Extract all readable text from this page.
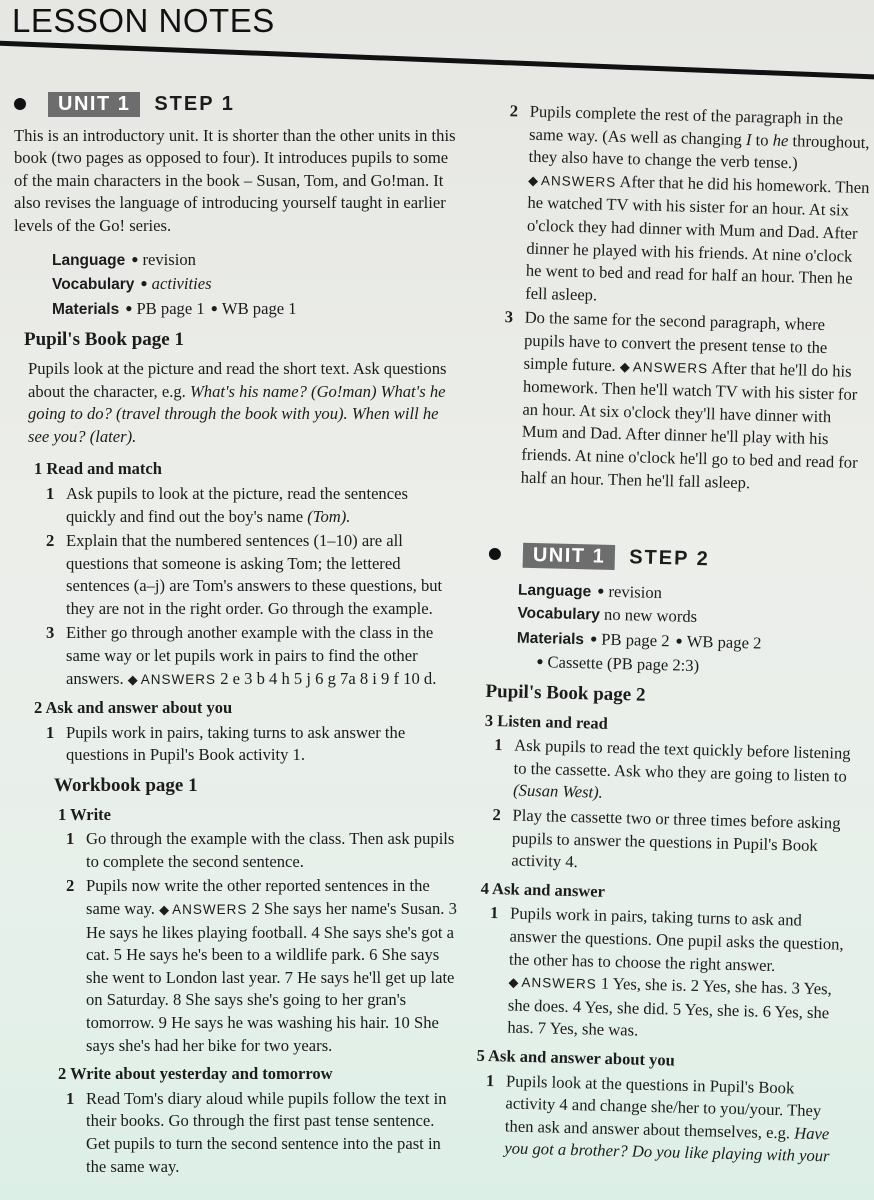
LESSON NOTES
UNIT 1	STEP 1

This is an introductory unit. It is shorter than the other units in this book (two pages as opposed to four). It introduces pupils to some of the main characters in the book – Susan, Tom, and Go!man. It also revises the language of introducing yourself taught in earlier levels of the Go! series.

Language ● revision
Vocabulary ● activities
Materials ● PB page 1 ● WB page 1
Pupil's Book page 1

Pupils look at the picture and read the short text. Ask questions about the character, e.g. What's his name? (Go!man) What's he going to do? (travel through the book with you). When will he see you? (later).

1 Read and match
1 Ask pupils to look at the picture, read the sentences quickly and find out the boy's name (Tom).
2 Explain that the numbered sentences (1–10) are all questions that someone is asking Tom; the lettered sentences (a–j) are Tom's answers to these questions, but they are not in the right order. Go through the example.
3 Either go through another example with the class in the same way or let pupils work in pairs to find the other answers. ◆ ANSWERS 2 e 3 b 4 h 5 j 6 g 7a 8 i 9 f 10 d.
2 Ask and answer about you
1 Pupils work in pairs, taking turns to ask answer the questions in Pupil's Book activity 1.
Workbook page 1
1 Write
1 Go through the example with the class. Then ask pupils to complete the second sentence.
2 Pupils now write the other reported sentences in the same way. ◆ ANSWERS 2 She says her name's Susan. 3 He says he likes playing football. 4 She says she's got a cat. 5 He says he's been to a wildlife park. 6 She says she went to London last year. 7 He says he'll get up late on Saturday. 8 She says she's going to her gran's tomorrow. 9 He says he was washing his hair. 10 She says she's had her bike for two years.
2 Write about yesterday and tomorrow
1 Read Tom's diary aloud while pupils follow the text in their books. Go through the first past tense sentence. Get pupils to turn the second sentence into the past in the same way.
2 Pupils complete the rest of the paragraph in the same way. (As well as changing I to he throughout, they also have to change the verb tense.) ◆ ANSWERS After that he did his homework. Then he watched TV with his sister for an hour. At six o'clock they had dinner with Mum and Dad. After dinner he played with his friends. At nine o'clock he went to bed and read for half an hour. Then he fell asleep.
3 Do the same for the second paragraph, where pupils have to convert the present tense to the simple future. ◆ ANSWERS After that he'll do his homework. Then he'll watch TV with his sister for an hour. At six o'clock they'll have dinner with Mum and Dad. After dinner he'll play with his friends. At nine o'clock he'll go to bed and read for half an hour. Then he'll fall asleep.
UNIT 1	STEP 2
Language ● revision
Vocabulary no new words
Materials ● PB page 2 ● WB page 2
● Cassette (PB page 2:3)
Pupil's Book page 2
3 Listen and read
1 Ask pupils to read the text quickly before listening to the cassette. Ask who they are going to listen to (Susan West).
2 Play the cassette two or three times before asking pupils to answer the questions in Pupil's Book activity 4.
4 Ask and answer
1 Pupils work in pairs, taking turns to ask and answer the questions. One pupil asks the question, the other has to choose the right answer. ◆ ANSWERS 1 Yes, she is. 2 Yes, she has. 3 Yes, she does. 4 Yes, she did. 5 Yes, she is. 6 Yes, she has. 7 Yes, she was.
5 Ask and answer about you
1 Pupils look at the questions in Pupil's Book activity 4 and change she/her to you/your. They then ask and answer about themselves, e.g. Have you got a brother? Do you like playing with your
